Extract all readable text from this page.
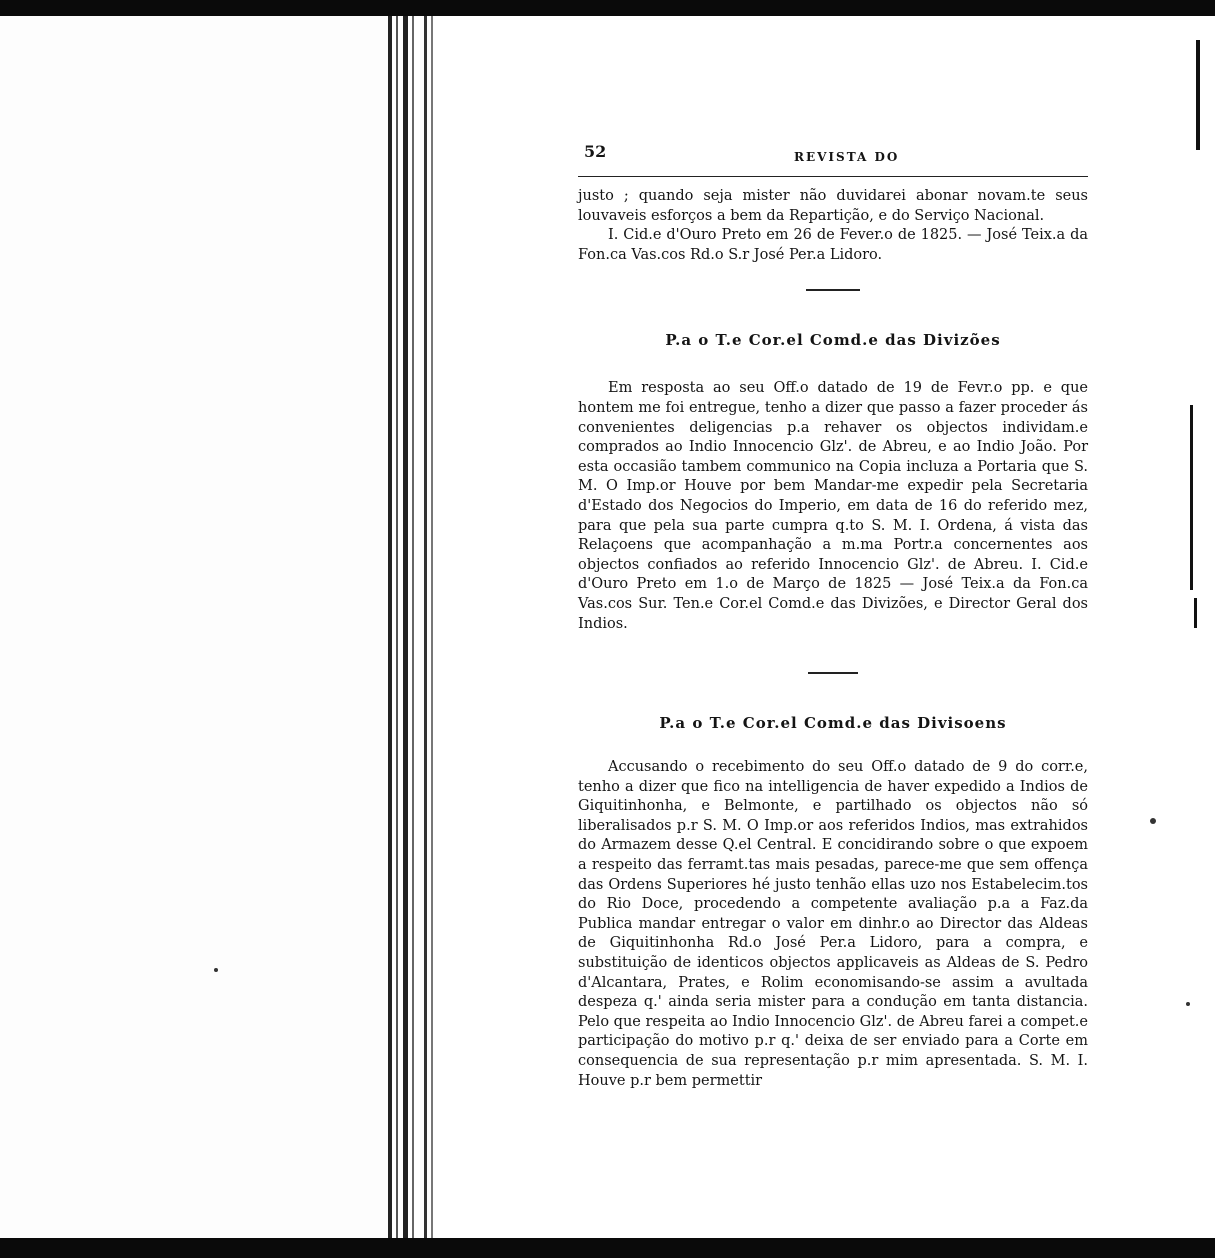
52	REVISTA DO

justo ; quando seja mister não duvidarei abonar novam.te seus louvaveis esforços a bem da Repartição, e do Serviço Nacional.

I. Cid.e d'Ouro Preto em 26 de Fever.o de 1825. — José Teix.a da Fon.ca Vas.cos Rd.o S.r José Per.a Lidoro.

P.a o T.e Cor.el Comd.e das Divizões

Em resposta ao seu Off.o datado de 19 de Fevr.o pp. e que hontem me foi entregue, tenho a dizer que passo a fazer proceder ás convenientes deligencias p.a rehaver os objectos individam.e comprados ao Indio Innocencio Glz'. de Abreu, e ao Indio João. Por esta occasião tambem communico na Copia incluza a Portaria que S. M. O Imp.or Houve por bem Mandar-me expedir pela Secretaria d'Estado dos Negocios do Imperio, em data de 16 do referido mez, para que pela sua parte cumpra q.to S. M. I. Ordena, á vista das Relaçoens que acompanhação a m.ma Portr.a concernentes aos objectos confiados ao referido Innocencio Glz'. de Abreu. I. Cid.e d'Ouro Preto em 1.o de Março de 1825 — José Teix.a da Fon.ca Vas.cos Sur. Ten.e Cor.el Comd.e das Divizões, e Director Geral dos Indios.

P.a o T.e Cor.el Comd.e das Divisoens

Accusando o recebimento do seu Off.o datado de 9 do corr.e, tenho a dizer que fico na intelligencia de haver expedido a Indios de Giquitinhonha, e Belmonte, e partilhado os objectos não só liberalisados p.r S. M. O Imp.or aos referidos Indios, mas extrahidos do Armazem desse Q.el Central. E concidirando sobre o que expoem a respeito das ferramt.tas mais pesadas, parece-me que sem offença das Ordens Superiores hé justo tenhão ellas uzo nos Estabelecim.tos do Rio Doce, procedendo a competente avaliação p.a a Faz.da Publica mandar entregar o valor em dinhr.o ao Director das Aldeas de Giquitinhonha Rd.o José Per.a Lidoro, para a compra, e substituição de identicos objectos applicaveis as Aldeas de S. Pedro d'Alcantara, Prates, e Rolim economisando-se assim a avultada despeza q.' ainda seria mister para a condução em tanta distancia. Pelo que respeita ao Indio Innocencio Glz'. de Abreu farei a compet.e participação do motivo p.r q.' deixa de ser enviado para a Corte em consequencia de sua representação p.r mim apresentada. S. M. I. Houve p.r bem permettir
